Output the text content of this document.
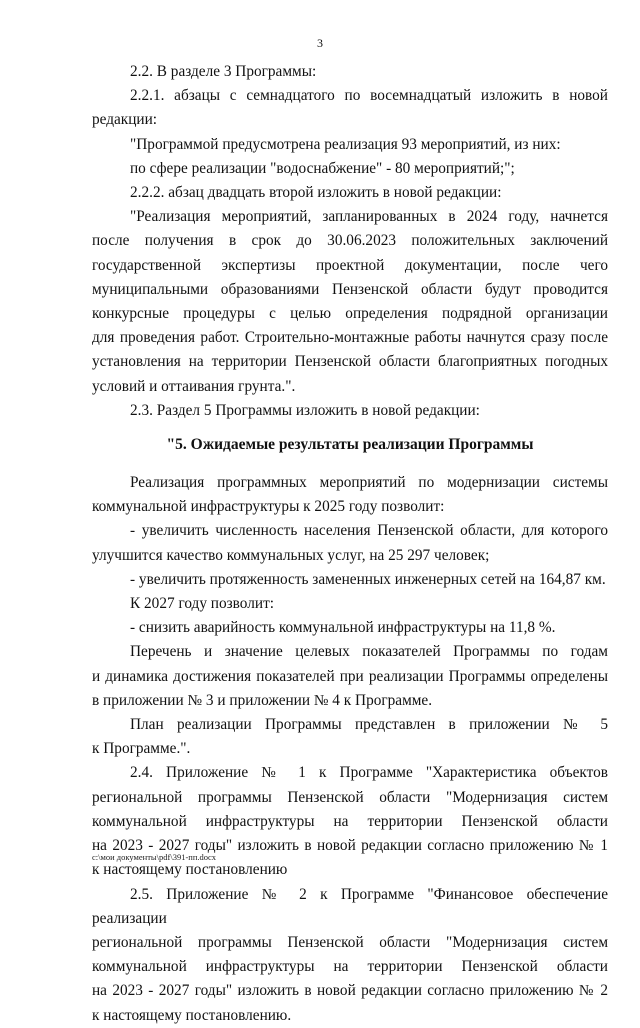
3
2.2. В разделе 3 Программы:
2.2.1. абзацы с семнадцатого по восемнадцатый изложить в новой
редакции:
"Программой предусмотрена реализация 93 мероприятий, из них:
по сфере реализации "водоснабжение" - 80 мероприятий;";
2.2.2. абзац двадцать второй изложить в новой редакции:
"Реализация мероприятий, запланированных в 2024 году, начнется
после получения в срок до 30.06.2023 положительных заключений
государственной экспертизы проектной документации, после чего
муниципальными образованиями Пензенской области будут проводится
конкурсные процедуры с целью определения подрядной организации
для проведения работ. Строительно-монтажные работы начнутся сразу после
установления на территории Пензенской области благоприятных погодных
условий и оттаивания грунта.".
2.3. Раздел 5 Программы изложить в новой редакции:
"5. Ожидаемые результаты реализации Программы
Реализация программных мероприятий по модернизации системы
коммунальной инфраструктуры к 2025 году позволит:
- увеличить численность населения Пензенской области, для которого
улучшится качество коммунальных услуг, на 25 297 человек;
- увеличить протяженность замененных инженерных сетей на 164,87 км.
К 2027 году позволит:
- снизить аварийность коммунальной инфраструктуры на 11,8 %.
Перечень и значение целевых показателей Программы по годам
и динамика достижения показателей при реализации Программы определены
в приложении № 3 и приложении № 4 к Программе.
План реализации Программы представлен в приложении № 5
к Программе.".
2.4. Приложение № 1 к Программе "Характеристика объектов
региональной программы Пензенской области "Модернизация систем
коммунальной инфраструктуры на территории Пензенской области
на 2023 - 2027 годы" изложить в новой редакции согласно приложению № 1
к настоящему постановлению
2.5. Приложение № 2 к Программе "Финансовое обеспечение реализации
региональной программы Пензенской области "Модернизация систем
коммунальной инфраструктуры на территории Пензенской области
на 2023 - 2027 годы" изложить в новой редакции согласно приложению № 2
к настоящему постановлению.
c:\мои документы\pdf\391-пп.docx
